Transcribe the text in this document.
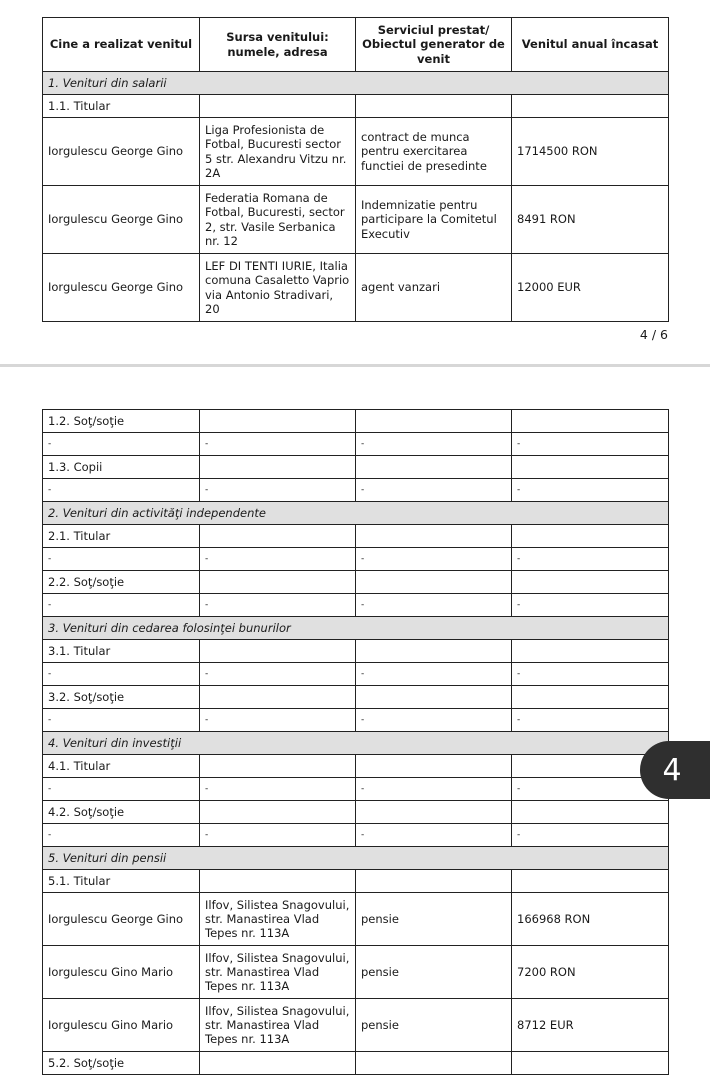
Cine a realizat venitul	Sursa venitului: numele, adresa	Serviciul prestat/ Obiectul generator de venit	Venitul anual încasat
1. Venituri din salarii			
1.1. Titular			
Iorgulescu George Gino	Liga Profesionista de Fotbal, Bucuresti sector 5 str. Alexandru Vitzu nr. 2A	contract de munca pentru exercitarea functiei de presedinte	1714500 RON
Iorgulescu George Gino	Federatia Romana de Fotbal, Bucuresti, sector 2, str. Vasile Serbanica nr. 12	Indemnizatie pentru participare la Comitetul Executiv	8491 RON
Iorgulescu George Gino	LEF DI TENTI IURIE, Italia comuna Casaletto Vaprio via Antonio Stradivari, 20	agent vanzari	12000 EUR
4 / 6
1.2. Soţ/soţie			
-	-	-	-
1.3. Copii			
-	-	-	-
2. Venituri din activităţi independente			
2.1. Titular			
-	-	-	-
2.2. Soţ/soţie			
-	-	-	-
3. Venituri din cedarea folosinţei bunurilor			
3.1. Titular			
-	-	-	-
3.2. Soţ/soţie			
-	-	-	-
4. Venituri din investiţii			
4.1. Titular			
-	-	-	-
4.2. Soţ/soţie			
-	-	-	-
5. Venituri din pensii			
5.1. Titular			
Iorgulescu George Gino	Ilfov, Silistea Snagovului, str. Manastirea Vlad Tepes nr. 113A	pensie	166968 RON
Iorgulescu Gino Mario	Ilfov, Silistea Snagovului, str. Manastirea Vlad Tepes nr. 113A	pensie	7200 RON
Iorgulescu Gino Mario	Ilfov, Silistea Snagovului, str. Manastirea Vlad Tepes nr. 113A	pensie	8712 EUR
5.2. Soţ/soţie			
4
